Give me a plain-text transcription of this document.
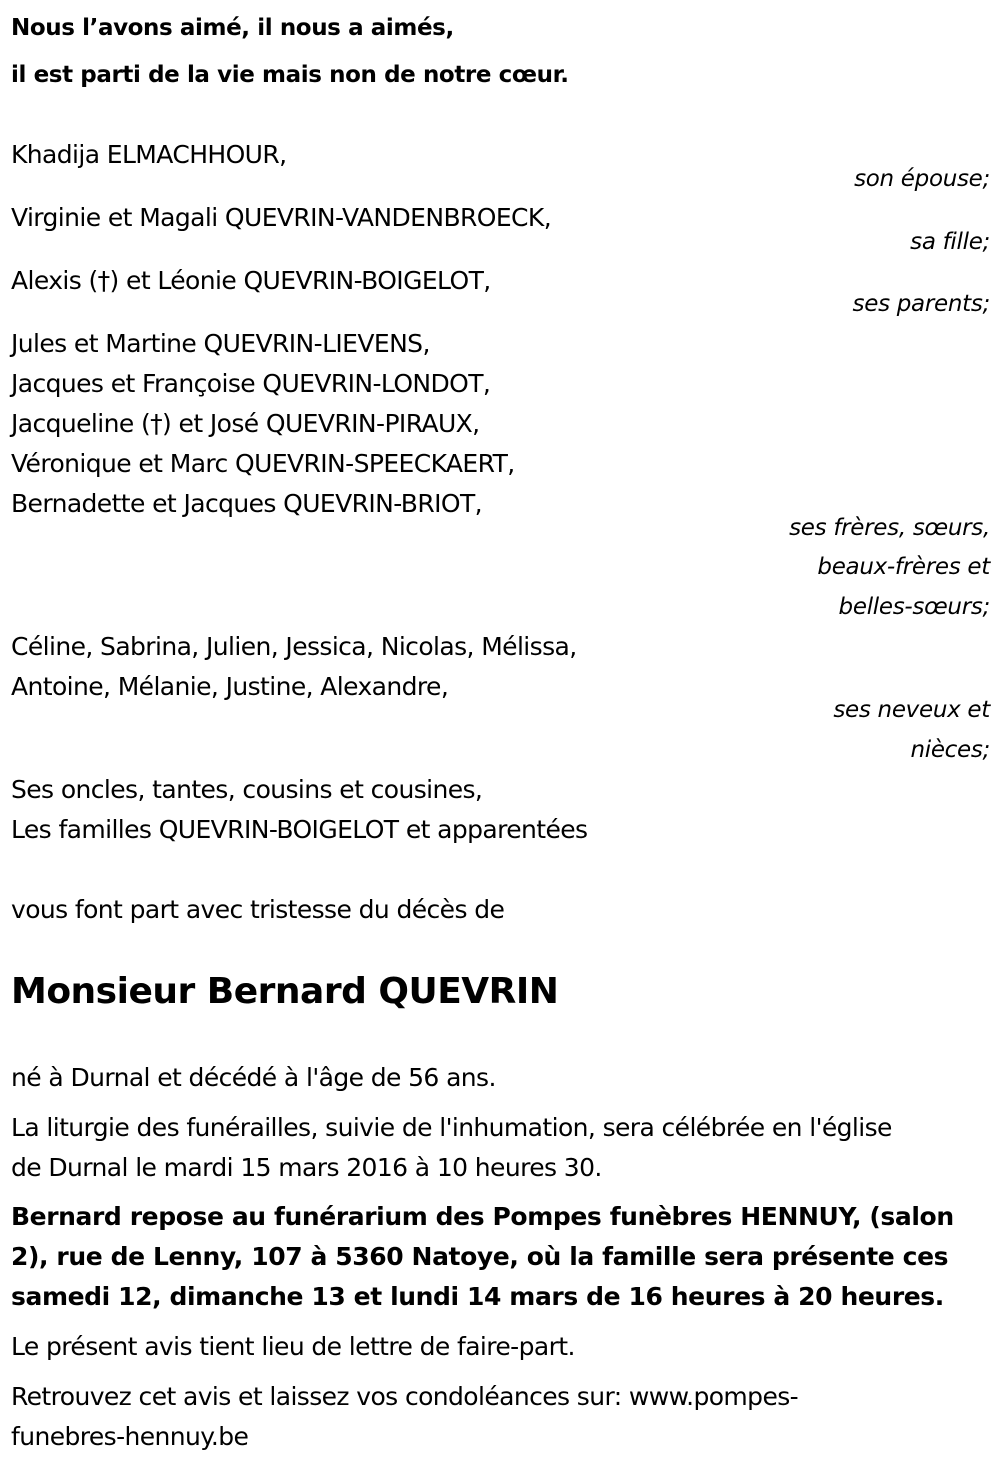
Nous l’avons aimé, il nous a aimés,
il est parti de la vie mais non de notre cœur.
Khadija ELMACHHOUR,
son épouse;
Virginie et Magali QUEVRIN-VANDENBROECK,
sa fille;
Alexis (†) et Léonie QUEVRIN-BOIGELOT,
ses parents;
Jules et Martine QUEVRIN-LIEVENS,
Jacques et Françoise QUEVRIN-LONDOT,
Jacqueline (†) et José QUEVRIN-PIRAUX,
Véronique et Marc QUEVRIN-SPEECKAERT,
Bernadette et Jacques QUEVRIN-BRIOT,
ses frères, sœurs,
beaux-frères et
belles-sœurs;
Céline, Sabrina, Julien, Jessica, Nicolas, Mélissa,
Antoine, Mélanie, Justine, Alexandre,
ses neveux et
nièces;
Ses oncles, tantes, cousins et cousines,
Les familles QUEVRIN-BOIGELOT et apparentées
vous font part avec tristesse du décès de
Monsieur Bernard QUEVRIN
né à Durnal et décédé à l'âge de 56 ans.
La liturgie des funérailles, suivie de l'inhumation, sera célébrée en l'église
de Durnal le mardi 15 mars 2016 à 10 heures 30.
Bernard repose au funérarium des Pompes funèbres HENNUY, (salon
2), rue de Lenny, 107 à 5360 Natoye, où la famille sera présente ces
samedi 12, dimanche 13 et lundi 14 mars de 16 heures à 20 heures.
Le présent avis tient lieu de lettre de faire-part.
Retrouvez cet avis et laissez vos condoléances sur: www.pompes-
funebres-hennuy.be
